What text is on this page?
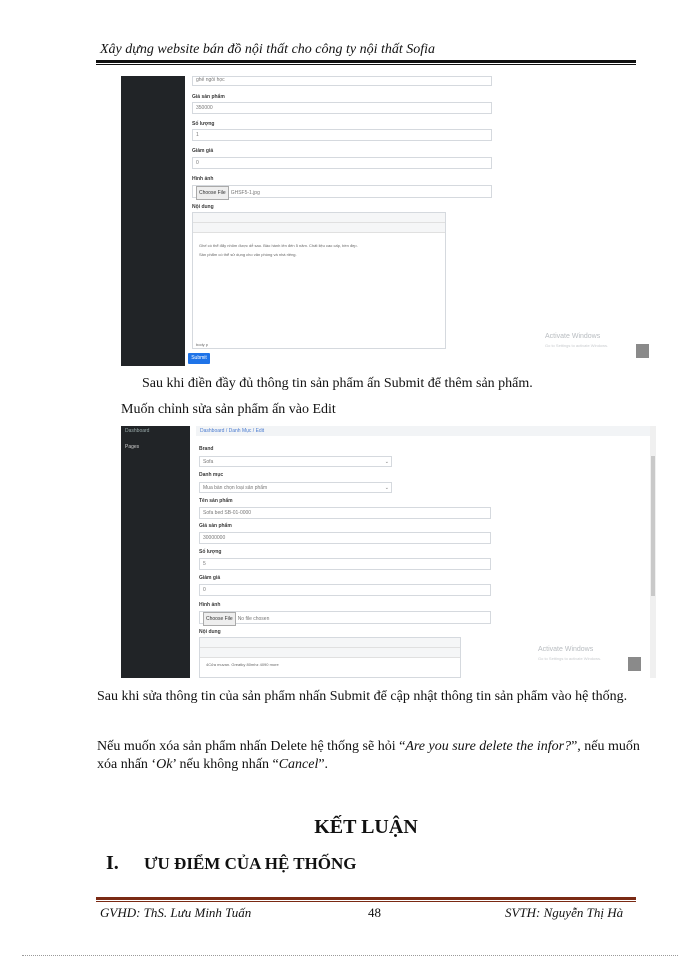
Xây dựng website bán đồ nội thất cho công ty nội thất Sofia
ghế ngồi học
Giá sản phẩm
350000
Số lượng
1
Giảm giá
0
Hình ảnh
Choose File GHSF5-1.jpg
Nội dung
Ghế có thể đẩy nhỏm được dễ sao. Bảo hành lên đến 5 năm. Chất liệu cao cấp, bền đẹp.
Sản phẩm có thể sử dụng cho văn phòng và nhà riêng.
body p
Submit
Activate Windows
Go to Settings to activate Windows.
Sau khi điền đầy đủ thông tin sản phẩm ấn Submit để thêm sản phẩm.
Muốn chỉnh sửa sản phẩm ấn vào Edit
Dashboard
Pages
Dashboard / Danh Mục / Edit
Brand
Sofa	⌄
Danh mục
Mua bàn chọn loại sản phẩm	⌄
Tên sản phẩm
Sofa bed SB-01-0000
Giá sản phẩm
30000000
Số lượng
5
Giảm giá
0
Hình ảnh
Choose File No file chosen
Nội dung
4Cửa muvan. Greatky 80mhz 4090 more
Activate Windows
Go to Settings to activate Windows.
Sau khi sửa thông tin của sản phẩm nhấn Submit để cập nhật thông tin sản phẩm vào hệ thống.
Nếu muốn xóa sản phẩm nhấn Delete hệ thống sẽ hỏi “Are you sure delete the infor?”, nếu muốn xóa nhấn ‘Ok’ nếu không nhấn “Cancel”.
KẾT LUẬN
I. ƯU ĐIỂM CỦA HỆ THỐNG
GVHD: ThS. Lưu Minh Tuấn	48	SVTH: Nguyễn Thị Hà
